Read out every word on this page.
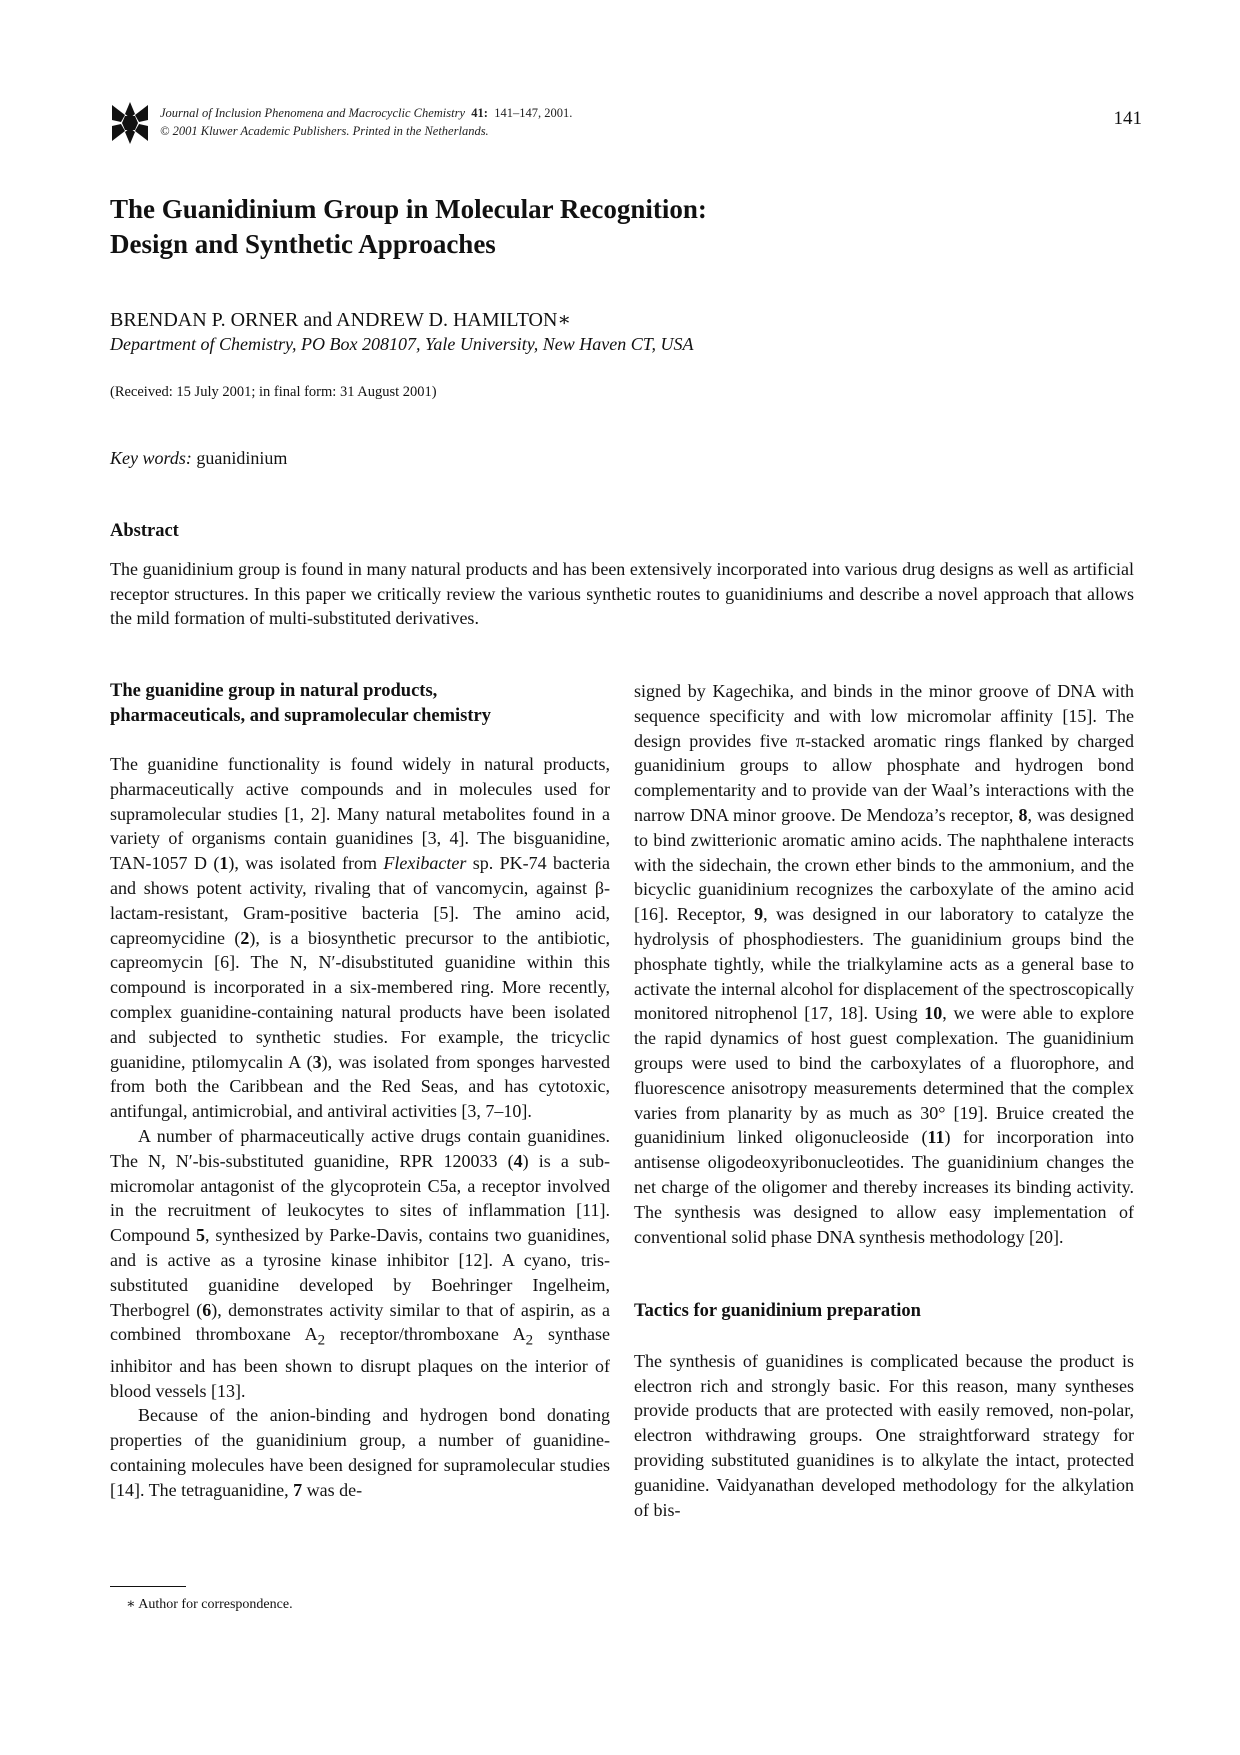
Journal of Inclusion Phenomena and Macrocyclic Chemistry 41: 141–147, 2001.
© 2001 Kluwer Academic Publishers. Printed in the Netherlands.
141
The Guanidinium Group in Molecular Recognition:
Design and Synthetic Approaches
BRENDAN P. ORNER and ANDREW D. HAMILTON∗
Department of Chemistry, PO Box 208107, Yale University, New Haven CT, USA
(Received: 15 July 2001; in final form: 31 August 2001)
Key words: guanidinium
Abstract

The guanidinium group is found in many natural products and has been extensively incorporated into various drug designs as well as artificial receptor structures. In this paper we critically review the various synthetic routes to guanidiniums and describe a novel approach that allows the mild formation of multi-substituted derivatives.

The guanidine group in natural products,
pharmaceuticals, and supramolecular chemistry

The guanidine functionality is found widely in natural products, pharmaceutically active compounds and in molecules used for supramolecular studies [1, 2]. Many natural metabolites found in a variety of organisms contain guanidines [3, 4]. The bisguanidine, TAN-1057 D (1), was isolated from Flexibacter sp. PK-74 bacteria and shows potent activity, rivaling that of vancomycin, against β-lactam-resistant, Gram-positive bacteria [5]. The amino acid, capreomycidine (2), is a biosynthetic precursor to the antibiotic, capreomycin [6]. The N, N′-disubstituted guanidine within this compound is incorporated in a six-membered ring. More recently, complex guanidine-containing natural products have been isolated and subjected to synthetic studies. For example, the tricyclic guanidine, ptilomycalin A (3), was isolated from sponges harvested from both the Caribbean and the Red Seas, and has cytotoxic, antifungal, antimicrobial, and antiviral activities [3, 7–10].

A number of pharmaceutically active drugs contain guanidines. The N, N′-bis-substituted guanidine, RPR 120033 (4) is a sub-micromolar antagonist of the glycoprotein C5a, a receptor involved in the recruitment of leukocytes to sites of inflammation [11]. Compound 5, synthesized by Parke-Davis, contains two guanidines, and is active as a tyrosine kinase inhibitor [12]. A cyano, tris-substituted guanidine developed by Boehringer Ingelheim, Therbogrel (6), demonstrates activity similar to that of aspirin, as a combined thromboxane $A_2$ receptor/thromboxane $A_2$ synthase inhibitor and has been shown to disrupt plaques on the interior of blood vessels [13].

Because of the anion-binding and hydrogen bond donating properties of the guanidinium group, a number of guanidine-containing molecules have been designed for supramolecular studies [14]. The tetraguanidine, 7 was de-

signed by Kagechika, and binds in the minor groove of DNA with sequence specificity and with low micromolar affinity [15]. The design provides five π-stacked aromatic rings flanked by charged guanidinium groups to allow phosphate and hydrogen bond complementarity and to provide van der Waal’s interactions with the narrow DNA minor groove. De Mendoza’s receptor, 8, was designed to bind zwitterionic aromatic amino acids. The naphthalene interacts with the sidechain, the crown ether binds to the ammonium, and the bicyclic guanidinium recognizes the carboxylate of the amino acid [16]. Receptor, 9, was designed in our laboratory to catalyze the hydrolysis of phosphodiesters. The guanidinium groups bind the phosphate tightly, while the trialkylamine acts as a general base to activate the internal alcohol for displacement of the spectroscopically monitored nitrophenol [17, 18]. Using 10, we were able to explore the rapid dynamics of host guest complexation. The guanidinium groups were used to bind the carboxylates of a fluorophore, and fluorescence anisotropy measurements determined that the complex varies from planarity by as much as 30° [19]. Bruice created the guanidinium linked oligonucleoside (11) for incorporation into antisense oligodeoxyribonucleotides. The guanidinium changes the net charge of the oligomer and thereby increases its binding activity. The synthesis was designed to allow easy implementation of conventional solid phase DNA synthesis methodology [20].

Tactics for guanidinium preparation

The synthesis of guanidines is complicated because the product is electron rich and strongly basic. For this reason, many syntheses provide products that are protected with easily removed, non-polar, electron withdrawing groups. One straightforward strategy for providing substituted guanidines is to alkylate the intact, protected guanidine. Vaidyanathan developed methodology for the alkylation of bis-

∗ Author for correspondence.
